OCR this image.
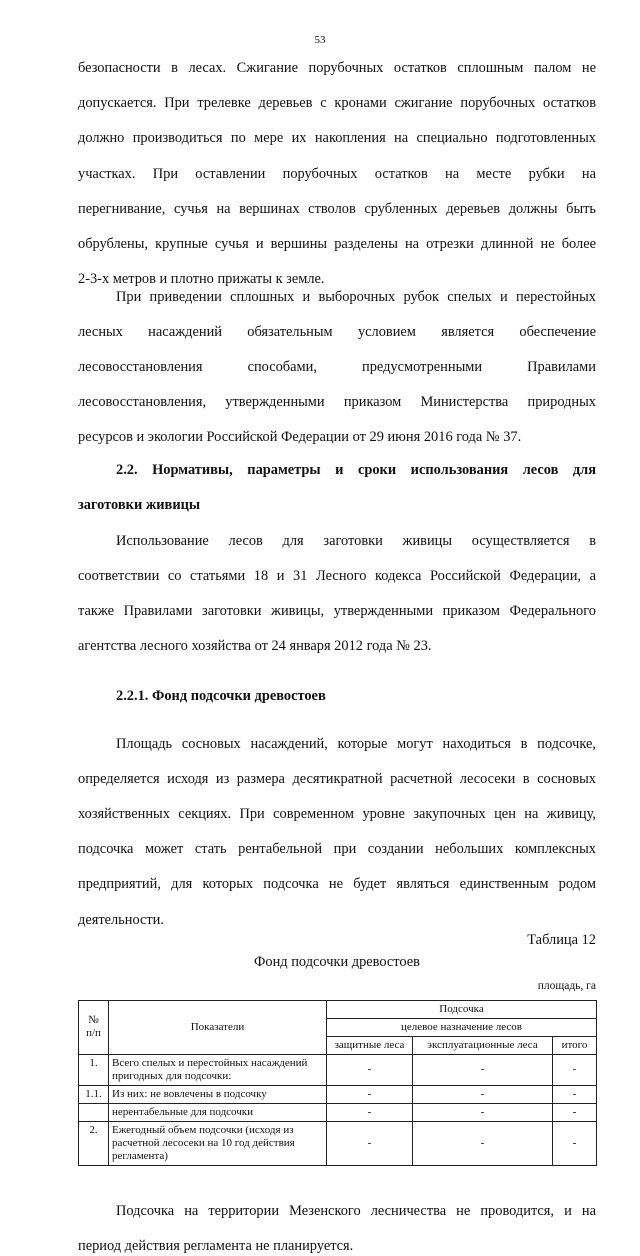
53

безопасности в лесах. Сжигание порубочных остатков сплошным палом не

допускается. При трелевке деревьев с кронами сжигание порубочных остатков

должно производиться по мере их накопления на специально подготовленных

участках. При оставлении порубочных остатков на месте рубки на

перегнивание, сучья на вершинах стволов срубленных деревьев должны быть

обрублены, крупные сучья и вершины разделены на отрезки длинной не более

2-3-х метров и плотно прижаты к земле.

При приведении сплошных и выборочных рубок спелых и перестойных

лесных насаждений обязательным условием является обеспечение

лесовосстановления способами, предусмотренными Правилами

лесовосстановления, утвержденными приказом Министерства природных

ресурсов и экологии Российской Федерации от 29 июня 2016 года № 37.

2.2. Нормативы, параметры и сроки использования лесов для

заготовки живицы

Использование лесов для заготовки живицы осуществляется в

соответствии со статьями 18 и 31 Лесного кодекса Российской Федерации, а

также Правилами заготовки живицы, утвержденными приказом Федерального

агентства лесного хозяйства от 24 января 2012 года № 23.

2.2.1. Фонд подсочки древостоев

Площадь сосновых насаждений, которые могут находиться в подсочке,

определяется исходя из размера десятикратной расчетной лесосеки в сосновых

хозяйственных секциях. При современном уровне закупочных цен на живицу,

подсочка может стать рентабельной при создании небольших комплексных

предприятий, для которых подсочка не будет являться единственным родом

деятельности.

Таблица 12
Фонд подсочки древостоев
площадь, га
№
п/п	Показатели	Подсочка		
		целевое назначение лесов		
		защитные леса	эксплуатационные леса	итого
1.	Всего спелых и перестойных насаждений пригодных для подсочки:	-	-	-
1.1.	Из них: не вовлечены в подсочку	-	-	-
	нерентабельные для подсочки	-	-	-
2.	Ежегодный объем подсочки (исходя из расчетной лесосеки на 10 год действия регламента)	-	-	-

Подсочка на территории Мезенского лесничества не проводится, и на

период действия регламента не планируется.
